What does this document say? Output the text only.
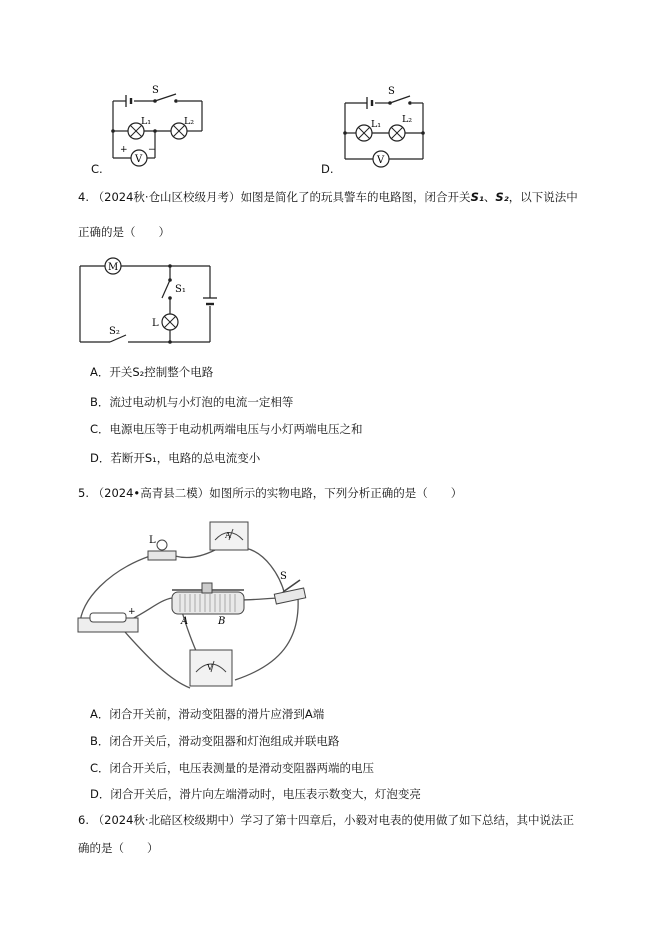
S
L₁	L₂
V
+ −
S
L₁ L₂
V
M
S₁
S₂
L
C.	D.
4. （2024秋·仓山区校级月考）如图是简化了的玩具警车的电路图，闭合开关S₁、S₂，以下说法中
正确的是（　　）
A．开关S₂控制整个电路
B．流过电动机与小灯泡的电流一定相等
C．电源电压等于电动机两端电压与小灯两端电压之和
D．若断开S₁，电路的总电流变小
5. （2024•高青县二模）如图所示的实物电路，下列分析正确的是（　　）
L	A
S
A	B
V
+
A．闭合开关前，滑动变阻器的滑片应滑到A端
B．闭合开关后，滑动变阻器和灯泡组成并联电路
C．闭合开关后，电压表测量的是滑动变阻器两端的电压
D．闭合开关后，滑片向左端滑动时，电压表示数变大，灯泡变亮
6. （2024秋·北碚区校级期中）学习了第十四章后，小毅对电表的使用做了如下总结，其中说法正
确的是（　　）
